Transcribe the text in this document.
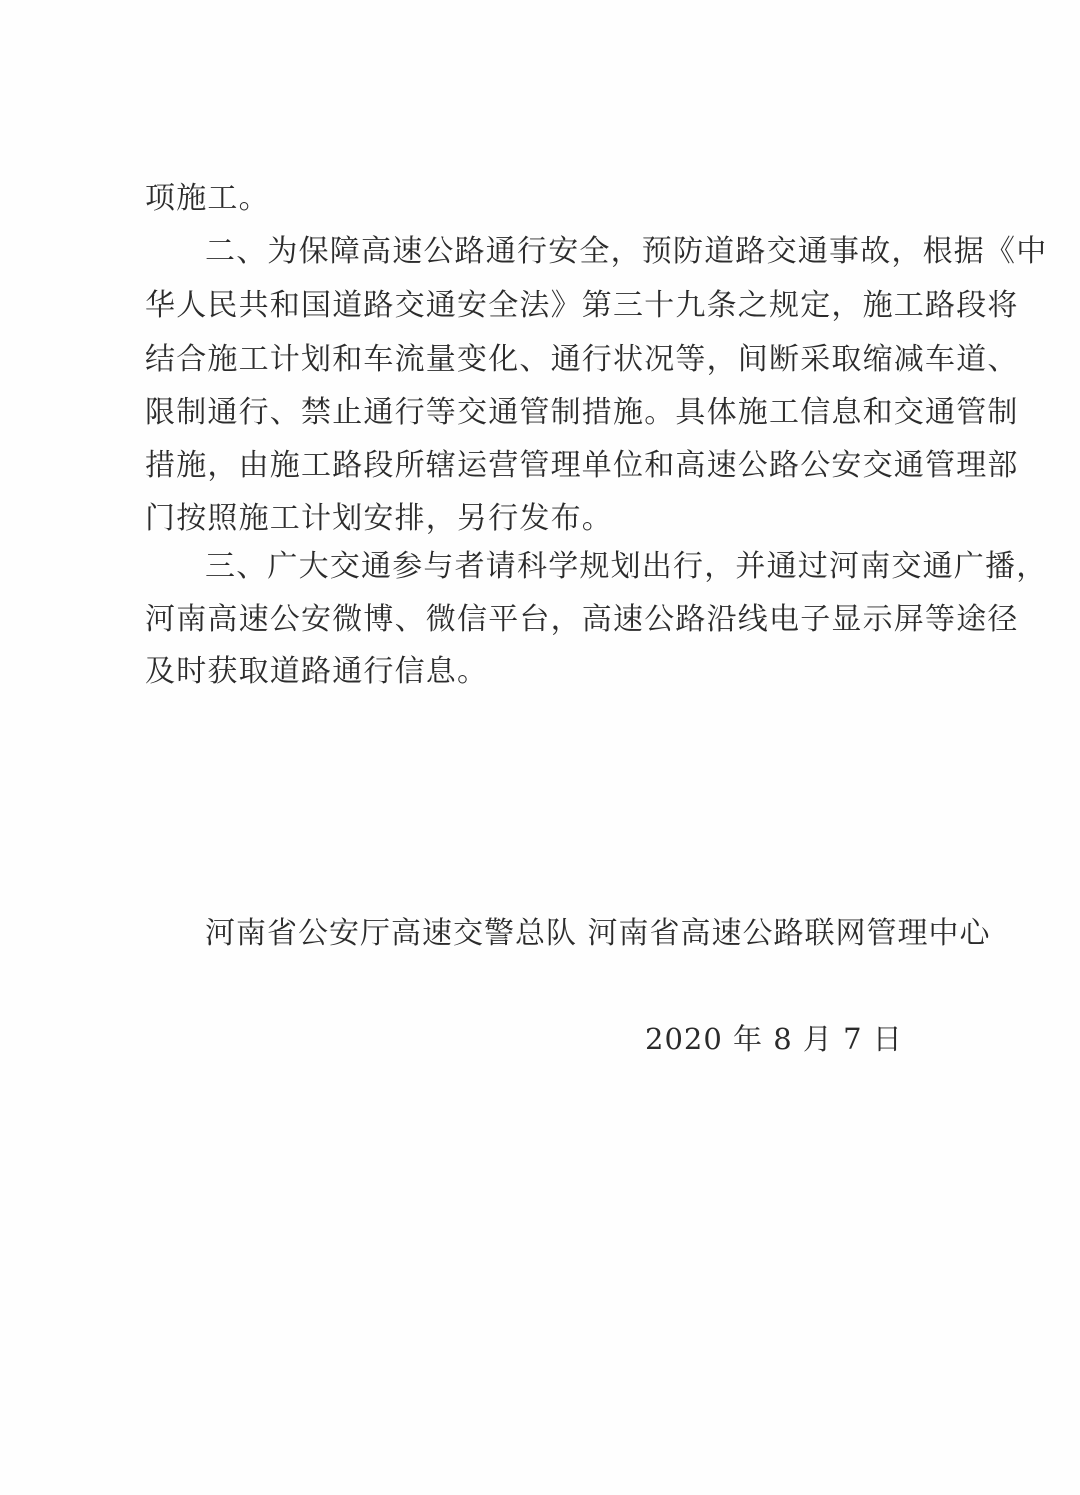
项施工。
二、为保障高速公路通行安全，预防道路交通事故，根据《中
华人民共和国道路交通安全法》第三十九条之规定，施工路段将
结合施工计划和车流量变化、通行状况等，间断采取缩减车道、
限制通行、禁止通行等交通管制措施。具体施工信息和交通管制
措施，由施工路段所辖运营管理单位和高速公路公安交通管理部
门按照施工计划安排，另行发布。
三、广大交通参与者请科学规划出行，并通过河南交通广播，
河南高速公安微博、微信平台，高速公路沿线电子显示屏等途径
及时获取道路通行信息。
河南省公安厅高速交警总队 河南省高速公路联网管理中心
2020 年 8 月 7 日
